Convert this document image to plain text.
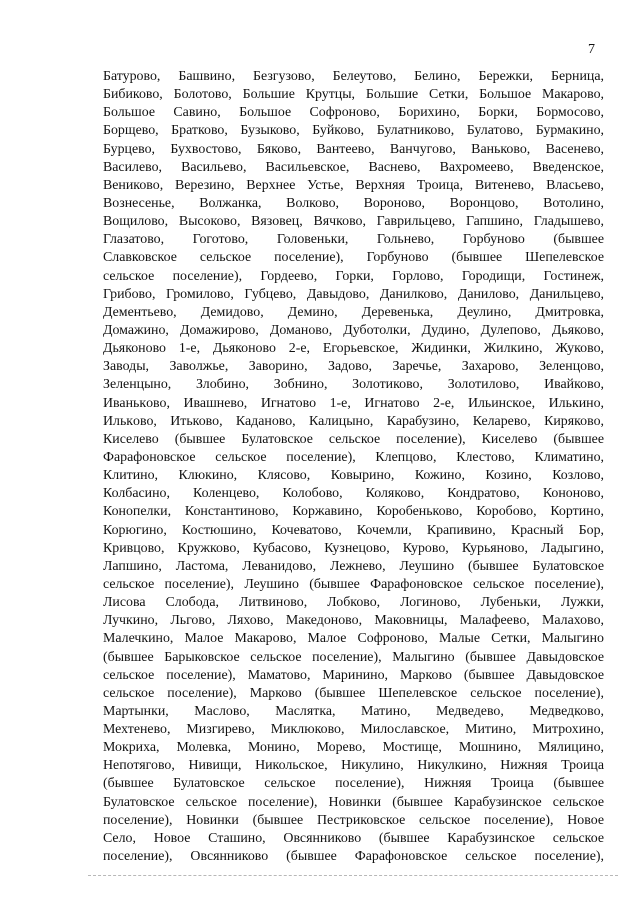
7
Батурово, Башвино, Безгузово, Белеутово, Белино, Бережки, Берница,
Бибиково, Болотово, Большие Крутцы, Большие Сетки, Большое Макарово,
Большое Савино, Большое Софроново, Борихино, Борки, Бормосово,
Борщево, Братково, Бузыково, Буйково, Булатниково, Булатово, Бурмакино,
Бурцево, Бухвостово, Бяково, Вантеево, Ванчугово, Ваньково, Васенево,
Василево, Васильево, Васильевское, Васнево, Вахромеево, Введенское,
Вениково, Верезино, Верхнее Устье, Верхняя Троица, Витенево, Власьево,
Вознесенье, Волжанка, Волково, Вороново, Воронцово, Вотолино,
Вощилово, Высоково, Вязовец, Вячково, Гаврильцево, Гапшино, Гладышево,
Глазатово, Гоготово, Головеньки, Гольнево, Горбуново (бывшее
Славковское сельское поселение), Горбуново (бывшее Шепелевское
сельское поселение), Гордеево, Горки, Горлово, Городищи, Гостинеж,
Грибово, Громилово, Губцево, Давыдово, Данилково, Данилово, Данильцево,
Дементьево, Демидово, Демино, Деревенька, Деулино, Дмитровка,
Домажино, Домажирово, Доманово, Дуботолки, Дудино, Дулепово, Дьяково,
Дьяконово 1-е, Дьяконово 2-е, Егорьевское, Жидинки, Жилкино, Жуково,
Заводы, Заволжье, Заворино, Задово, Заречье, Захарово, Зеленцово,
Зеленцыно, Злобино, Зобнино, Золотиково, Золотилово, Ивайково,
Иванькoво, Ивашнево, Игнатово 1-е, Игнатово 2-е, Ильинское, Илькино,
Илькoво, Итьково, Каданово, Калицыно, Карабузино, Келарево, Киряково,
Киселево (бывшее Булатовское сельское поселение), Киселево (бывшее
Фарафоновское сельское поселение), Клепцово, Клестово, Климатино,
Клитино, Клюкино, Клясово, Ковырино, Кожино, Козино, Козлово,
Колбасино, Коленцево, Колобово, Коляково, Кондратово, Кононово,
Конопелки, Константиново, Коржавино, Коробеньково, Коробово, Кортино,
Корюгино, Костюшино, Кочеватово, Кочемли, Крапивино, Красный Бор,
Кривцово, Кружково, Кубасово, Кузнецово, Курово, Курьяново, Ладыгино,
Лапшино, Ластома, Леванидово, Лежнево, Леушино (бывшее Булатовское
сельское поселение), Леушино (бывшее Фарафоновское сельское поселение),
Лисова Слобода, Литвиново, Лобково, Логиново, Лубеньки, Лужки,
Лучкино, Льгово, Ляхово, Македоново, Маковницы, Малафеево, Малахово,
Малечкино, Малое Макарово, Малое Софроново, Малые Сетки, Малыгино
(бывшее Барыковское сельское поселение), Малыгино (бывшее Давыдовское
сельское поселение), Маматово, Маринино, Марково (бывшее Давыдовское
сельское поселение), Марково (бывшее Шепелевское сельское поселение),
Мартынки, Маслово, Маслятка, Матино, Медведево, Медведково,
Мехтенево, Мизгирево, Миклюково, Милославское, Митино, Митрохино,
Мокриха, Молевка, Монино, Морево, Мостище, Мошнино, Мялицино,
Непотягово, Нивищи, Никольское, Никулино, Никулкино, Нижняя Троица
(бывшее Булатовское сельское поселение), Нижняя Троица (бывшее
Булатовское сельское поселение), Новинки (бывшее Карабузинское сельское
поселение), Новинки (бывшее Пестриковское сельское поселение), Новое
Село, Новое Сташино, Овсянниково (бывшее Карабузинское сельское
поселение), Овсянниково (бывшее Фарафоновское сельское поселение),
